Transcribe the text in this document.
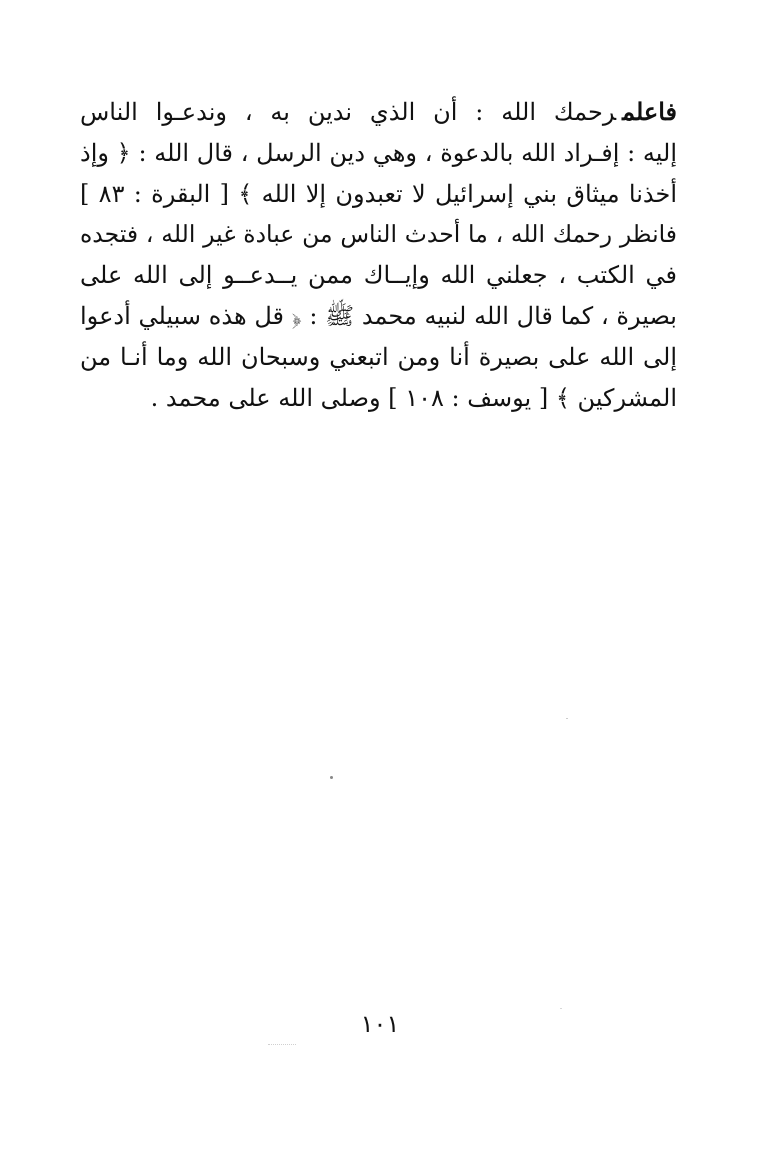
فاعلمرحمك الله : أن الذي ندين به ، وندعـوا الناس
إليه : إفـراد الله بالدعوة ، وهي دين الرسل ، قال الله : ﴿ وإذ
أخذنا ميثاق بني إسرائيل لا تعبدون إلا الله ﴾ [ البقرة : ٨٣ ]
فانظر رحمك الله ، ما أحدث الناس من عبادة غير الله ، فتجده
في الكتب ، جعلني الله وإيــاك ممن يــدعــو إلى الله على
بصيرة ، كما قال الله لنبيه محمد ﷺ : ﴿ قل هذه سبيلي أدعوا
إلى الله على بصيرة أنا ومن اتبعني وسبحان الله وما أنـا من
المشركين ﴾ [ يوسف : ١٠٨ ] وصلى الله على محمد .
١٠١
